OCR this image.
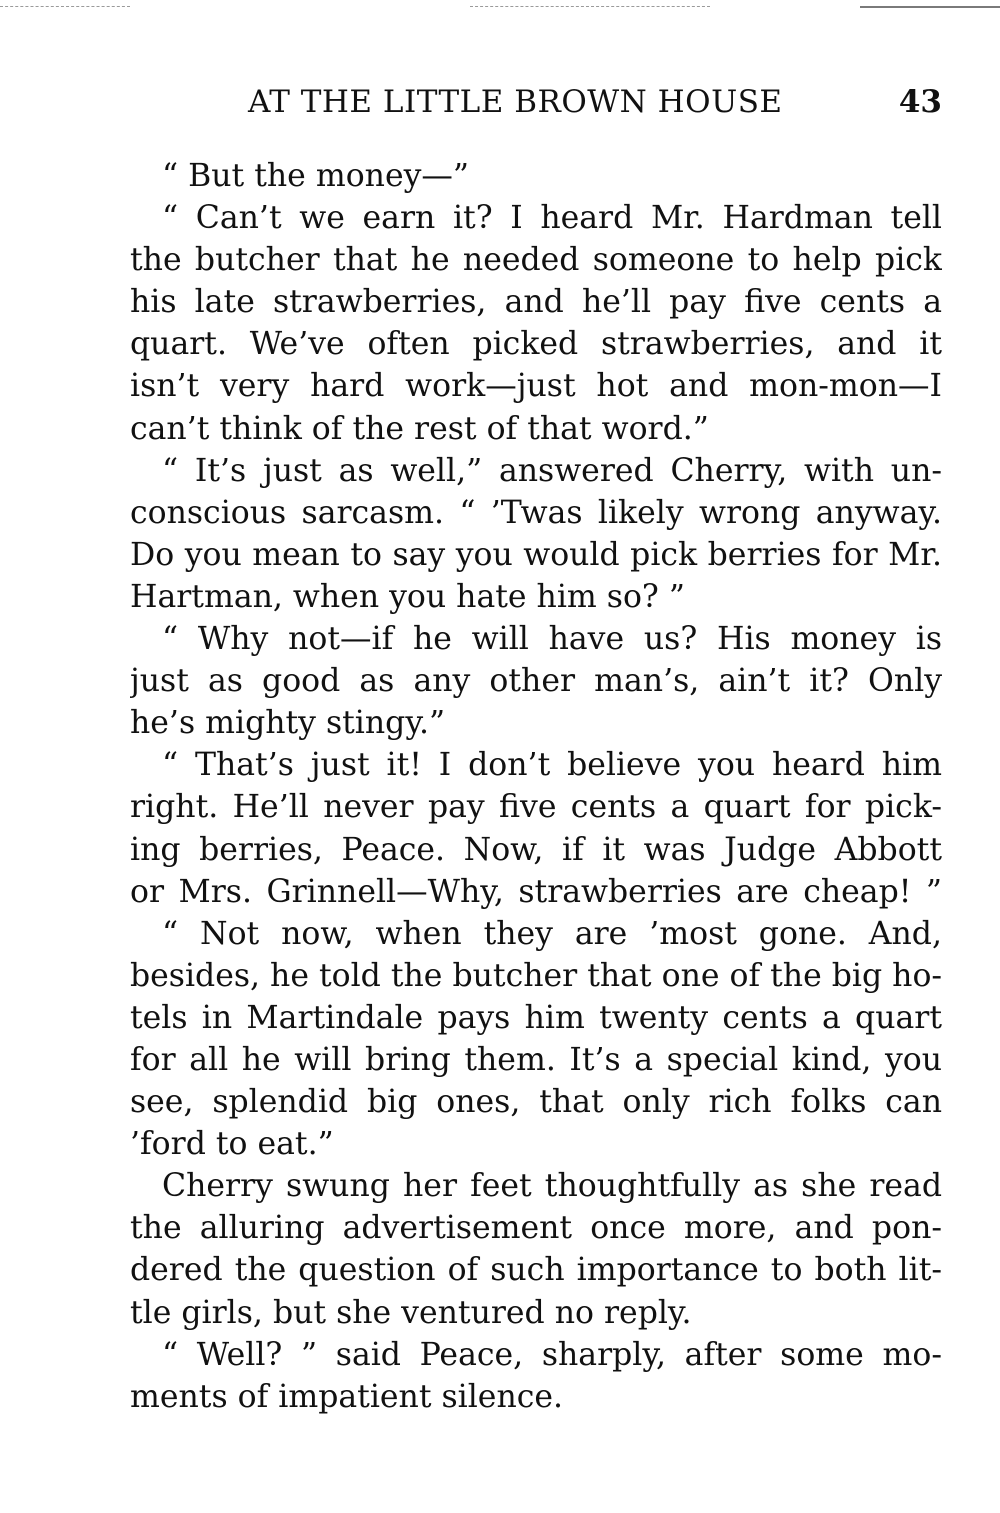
AT THE LITTLE BROWN HOUSE	43
“ But the money—”
“ Can’t we earn it? I heard Mr. Hardman tell
the butcher that he needed someone to help pick
his late strawberries, and he’ll pay five cents a
quart. We’ve often picked strawberries, and it
isn’t very hard work—just hot and mon-mon—I
can’t think of the rest of that word.”
“ It’s just as well,” answered Cherry, with un-
conscious sarcasm. “ ’Twas likely wrong anyway.
Do you mean to say you would pick berries for Mr.
Hartman, when you hate him so? ”
“ Why not—if he will have us? His money is
just as good as any other man’s, ain’t it? Only
he’s mighty stingy.”
“ That’s just it! I don’t believe you heard him
right. He’ll never pay five cents a quart for pick-
ing berries, Peace. Now, if it was Judge Abbott
or Mrs. Grinnell—Why, strawberries are cheap! ”
“ Not now, when they are ’most gone. And,
besides, he told the butcher that one of the big ho-
tels in Martindale pays him twenty cents a quart
for all he will bring them. It’s a special kind, you
see, splendid big ones, that only rich folks can
’ford to eat.”
Cherry swung her feet thoughtfully as she read
the alluring advertisement once more, and pon-
dered the question of such importance to both lit-
tle girls, but she ventured no reply.
“ Well? ” said Peace, sharply, after some mo-
ments of impatient silence.
